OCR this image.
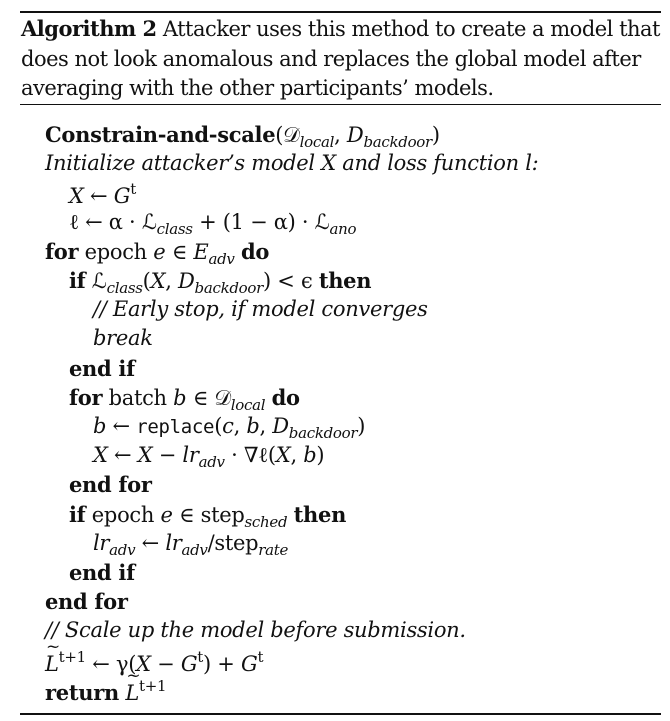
Algorithm 2 Attacker uses this method to create a model that does not look anomalous and replaces the global model after averaging with the other participants’ models.
Constrain-and-scale(𝒟$_{local}$, $D_{backdoor}$)
Initialize attacker’s model X and loss function l:
X ← $G^t$
ℓ ← α · ℒ$_{class}$ + (1 − α) · ℒ$_{ano}$
for epoch e ∈ $E_{adv}$ do
if ℒ$_{class}$(X, $D_{backdoor}) < \epsilon$ then
// Early stop, if model converges
break
end if
for batch b ∈ 𝒟$_{local}$ do
b ← replace(c, b, $D_{backdoor}$)
X ← $X - lr_{adv}$ · ∇ℓ(X, b)
end for
if epoch e ∈ step$_{sched}$ then
$lr_{adv}$ ← $lr_{adv}/step_{rate}$
end if
end for
// Scale up the model before submission.
~ $L^{t+1}$ ← $\gamma(X - G^t) + G^t$
return ~ $L^{t+1}$
